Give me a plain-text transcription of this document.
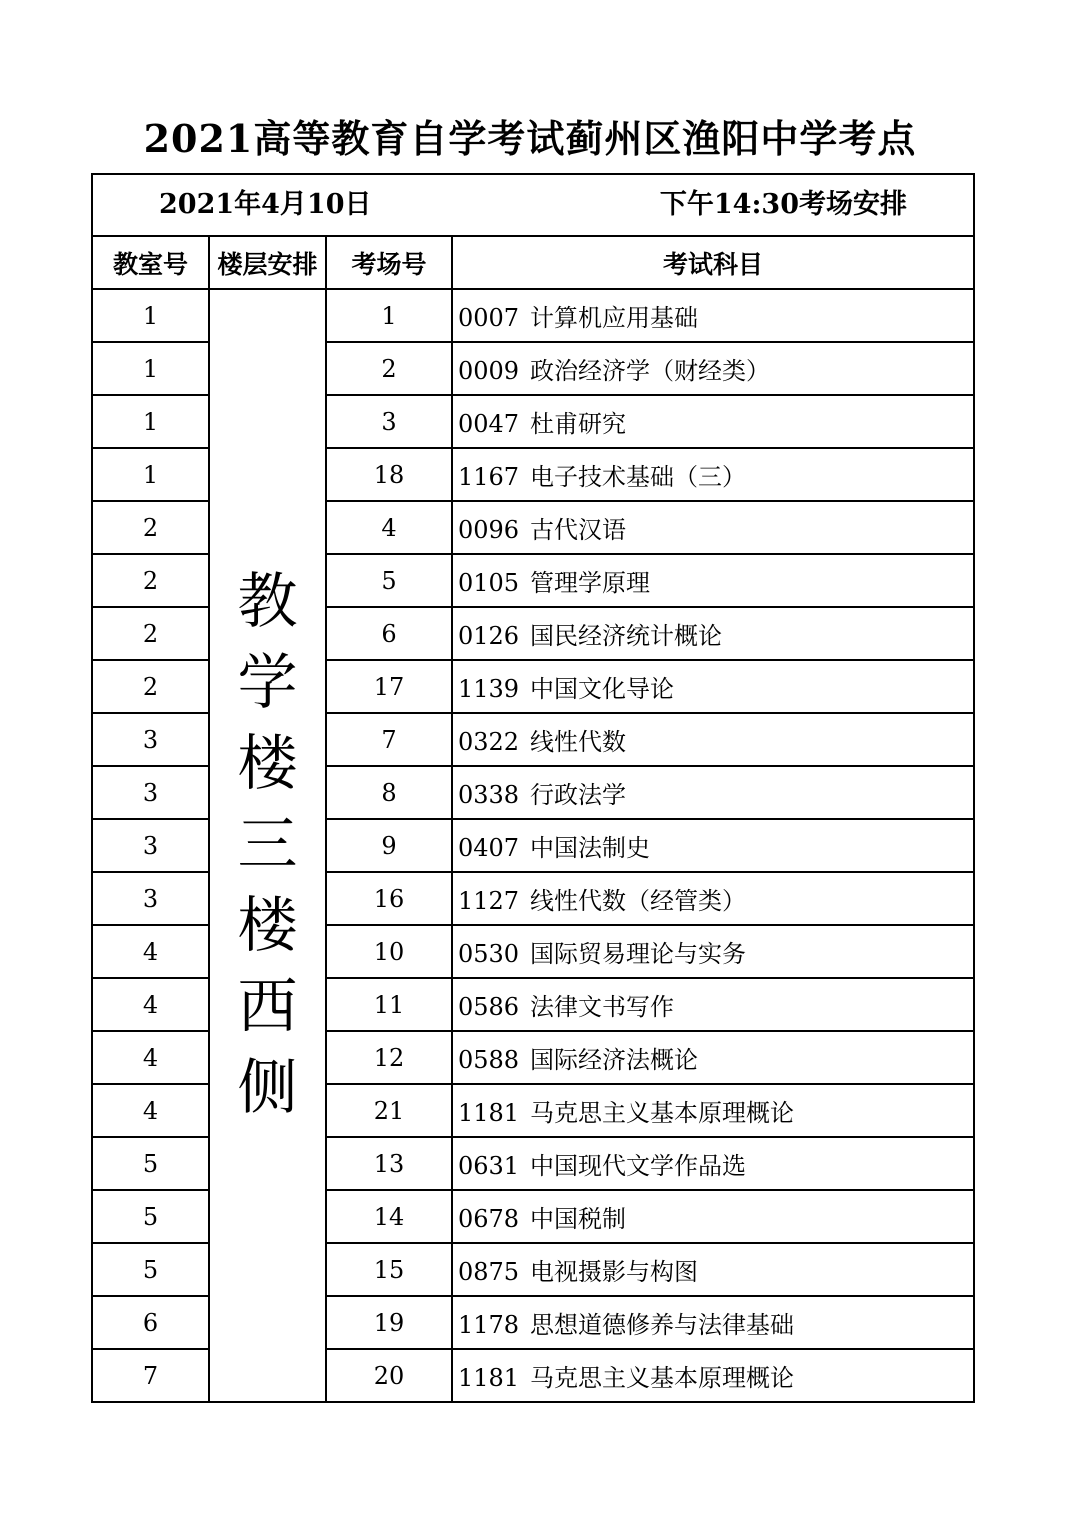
2021高等教育自学考试蓟州区渔阳中学考点
2021年4月10日 下午14:30考场安排			

教室号	楼层安排	考场号	考试科目
1	教学楼三楼西侧	1	0007 计算机应用基础
1		2	0009 政治经济学（财经类）
1		3	0047 杜甫研究
1		18	1167 电子技术基础（三）
2		4	0096 古代汉语
2		5	0105 管理学原理
2		6	0126 国民经济统计概论
2		17	1139 中国文化导论
3		7	0322 线性代数
3		8	0338 行政法学
3		9	0407 中国法制史
3		16	1127 线性代数（经管类）
4		10	0530 国际贸易理论与实务
4		11	0586 法律文书写作
4		12	0588 国际经济法概论
4		21	1181 马克思主义基本原理概论
5		13	0631 中国现代文学作品选
5		14	0678 中国税制
5		15	0875 电视摄影与构图
6		19	1178 思想道德修养与法律基础
7		20	1181 马克思主义基本原理概论
